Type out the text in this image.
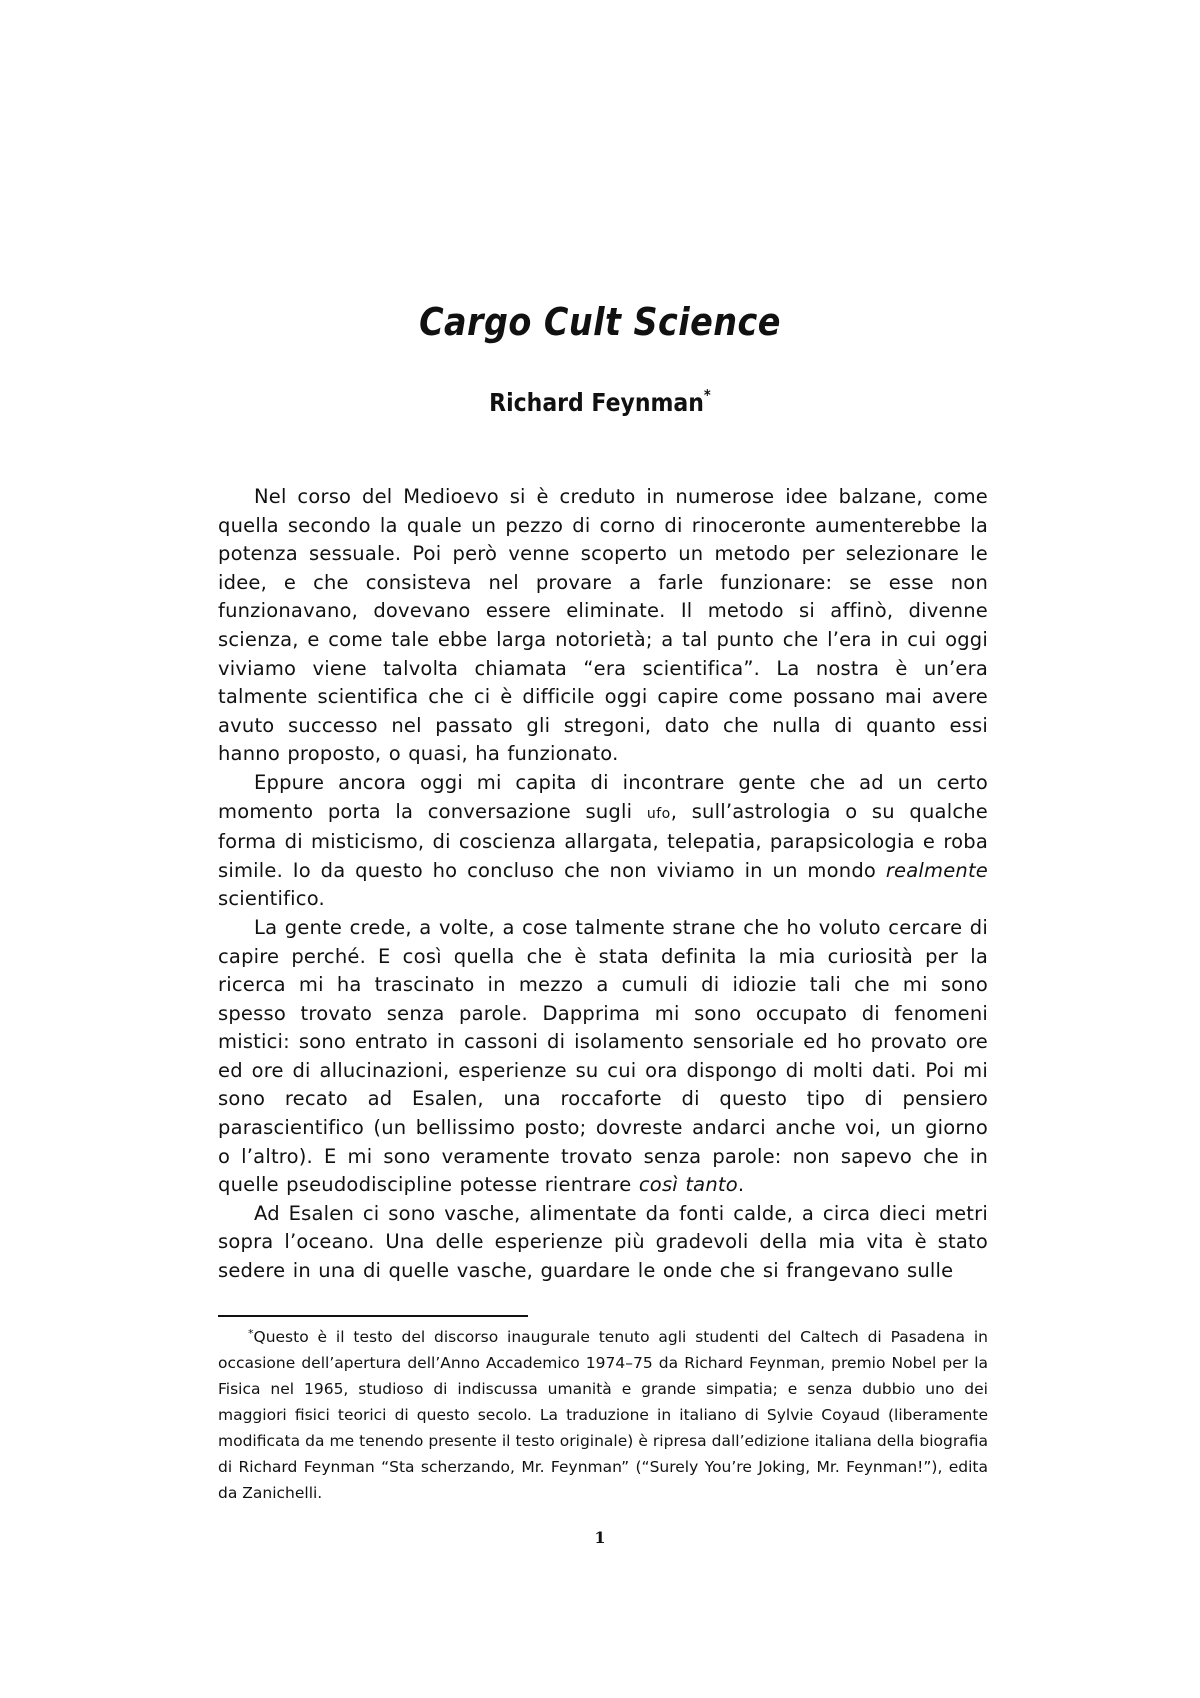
Cargo Cult Science
Richard Feynman*

Nel corso del Medioevo si è creduto in numerose idee balzane, come quella secondo la quale un pezzo di corno di rinoceronte aumenterebbe la potenza sessuale. Poi però venne scoperto un metodo per selezionare le idee, e che consisteva nel provare a farle funzionare: se esse non funzionavano, dovevano essere eliminate. Il metodo si affinò, divenne scienza, e come tale ebbe larga notorietà; a tal punto che l’era in cui oggi viviamo viene talvolta chiamata “era scientifica”. La nostra è un’era talmente scientifica che ci è difficile oggi capire come possano mai avere avuto successo nel passato gli stregoni, dato che nulla di quanto essi hanno proposto, o quasi, ha funzionato.

Eppure ancora oggi mi capita di incontrare gente che ad un certo momento porta la conversazione sugli ufo, sull’astrologia o su qualche forma di misticismo, di coscienza allargata, telepatia, parapsicologia e roba simile. Io da questo ho concluso che non viviamo in un mondo realmente scientifico.

La gente crede, a volte, a cose talmente strane che ho voluto cercare di capire perché. E così quella che è stata definita la mia curiosità per la ricerca mi ha trascinato in mezzo a cumuli di idiozie tali che mi sono spesso trovato senza parole. Dapprima mi sono occupato di fenomeni mistici: sono entrato in cassoni di isolamento sensoriale ed ho provato ore ed ore di allucinazioni, esperienze su cui ora dispongo di molti dati. Poi mi sono recato ad Esalen, una roccaforte di questo tipo di pensiero parascientifico (un bellissimo posto; dovreste andarci anche voi, un giorno o l’altro). E mi sono veramente trovato senza parole: non sapevo che in quelle pseudodiscipline potesse rientrare così tanto.

Ad Esalen ci sono vasche, alimentate da fonti calde, a circa dieci metri sopra l’oceano. Una delle esperienze più gradevoli della mia vita è stato sedere in una di quelle vasche, guardare le onde che si frangevano sulle

*Questo è il testo del discorso inaugurale tenuto agli studenti del Caltech di Pasadena in occasione dell’apertura dell’Anno Accademico 1974–75 da Richard Feynman, premio Nobel per la Fisica nel 1965, studioso di indiscussa umanità e grande simpatia; e senza dubbio uno dei maggiori fisici teorici di questo secolo. La traduzione in italiano di Sylvie Coyaud (liberamente modificata da me tenendo presente il testo originale) è ripresa dall’edizione italiana della biografia di Richard Feynman “Sta scherzando, Mr. Feynman” (“Surely You’re Joking, Mr. Feynman!”), edita da Zanichelli.
1
